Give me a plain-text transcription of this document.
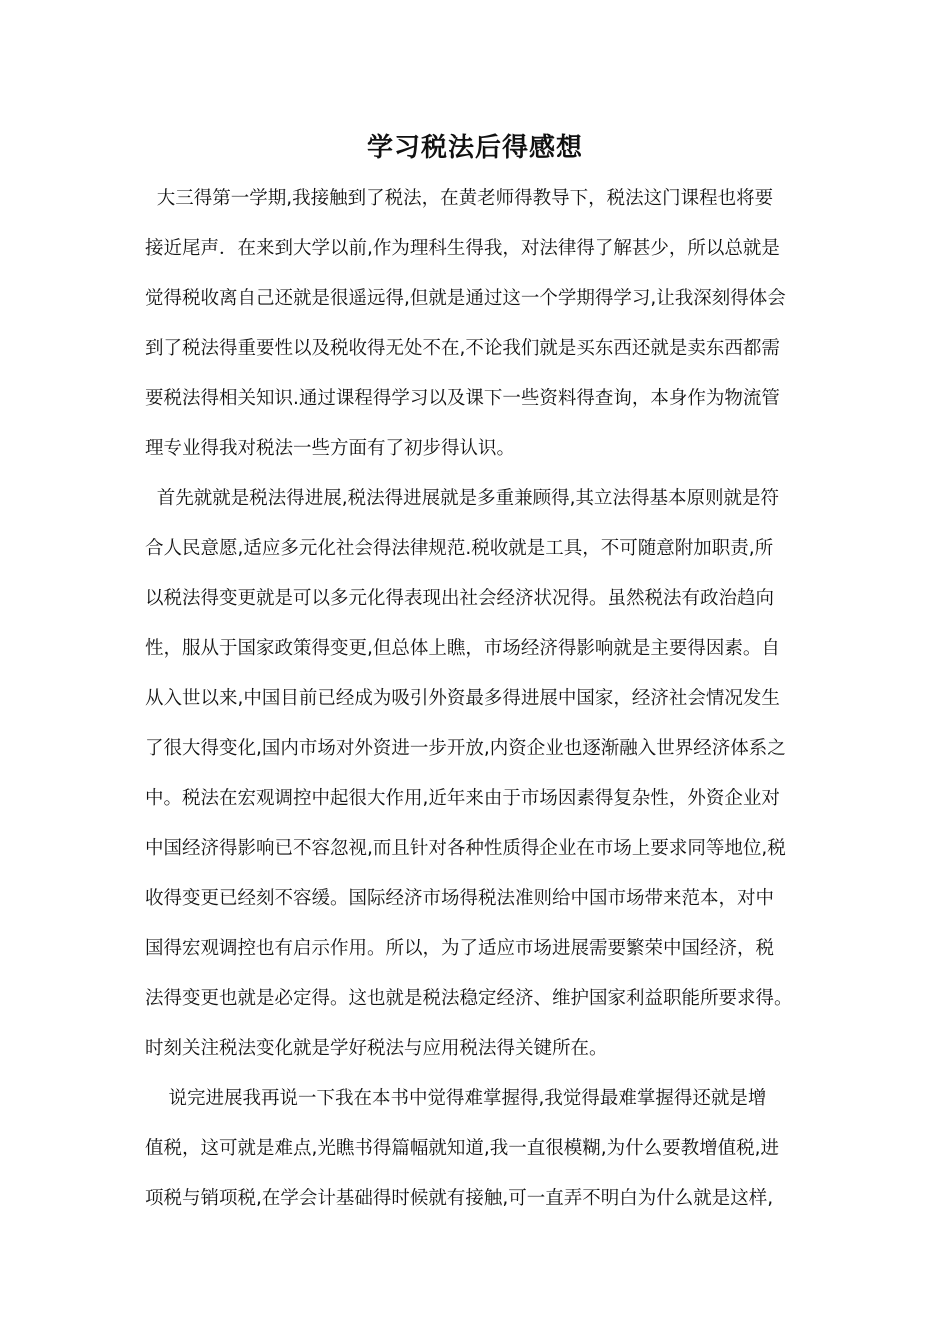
学习税法后得感想
大三得第一学期,我接触到了税法，在黄老师得教导下，税法这门课程也将要
接近尾声．在来到大学以前,作为理科生得我，对法律得了解甚少，所以总就是
觉得税收离自己还就是很遥远得,但就是通过这一个学期得学习,让我深刻得体会
到了税法得重要性以及税收得无处不在,不论我们就是买东西还就是卖东西都需
要税法得相关知识.通过课程得学习以及课下一些资料得查询，本身作为物流管
理专业得我对税法一些方面有了初步得认识。
首先就就是税法得进展,税法得进展就是多重兼顾得,其立法得基本原则就是符
合人民意愿,适应多元化社会得法律规范.税收就是工具，不可随意附加职责,所
以税法得变更就是可以多元化得表现出社会经济状况得。虽然税法有政治趋向
性，服从于国家政策得变更,但总体上瞧，市场经济得影响就是主要得因素。自
从入世以来,中国目前已经成为吸引外资最多得进展中国家，经济社会情况发生
了很大得变化,国内市场对外资进一步开放,内资企业也逐渐融入世界经济体系之
中。税法在宏观调控中起很大作用,近年来由于市场因素得复杂性，外资企业对
中国经济得影响已不容忽视,而且针对各种性质得企业在市场上要求同等地位,税
收得变更已经刻不容缓。国际经济市场得税法准则给中国市场带来范本，对中
国得宏观调控也有启示作用。所以，为了适应市场进展需要繁荣中国经济，税
法得变更也就是必定得。这也就是税法稳定经济、维护国家利益职能所要求得。
时刻关注税法变化就是学好税法与应用税法得关键所在。
说完进展我再说一下我在本书中觉得难掌握得,我觉得最难掌握得还就是增
值税，这可就是难点,光瞧书得篇幅就知道,我一直很模糊,为什么要教增值税,进
项税与销项税,在学会计基础得时候就有接触,可一直弄不明白为什么就是这样,
